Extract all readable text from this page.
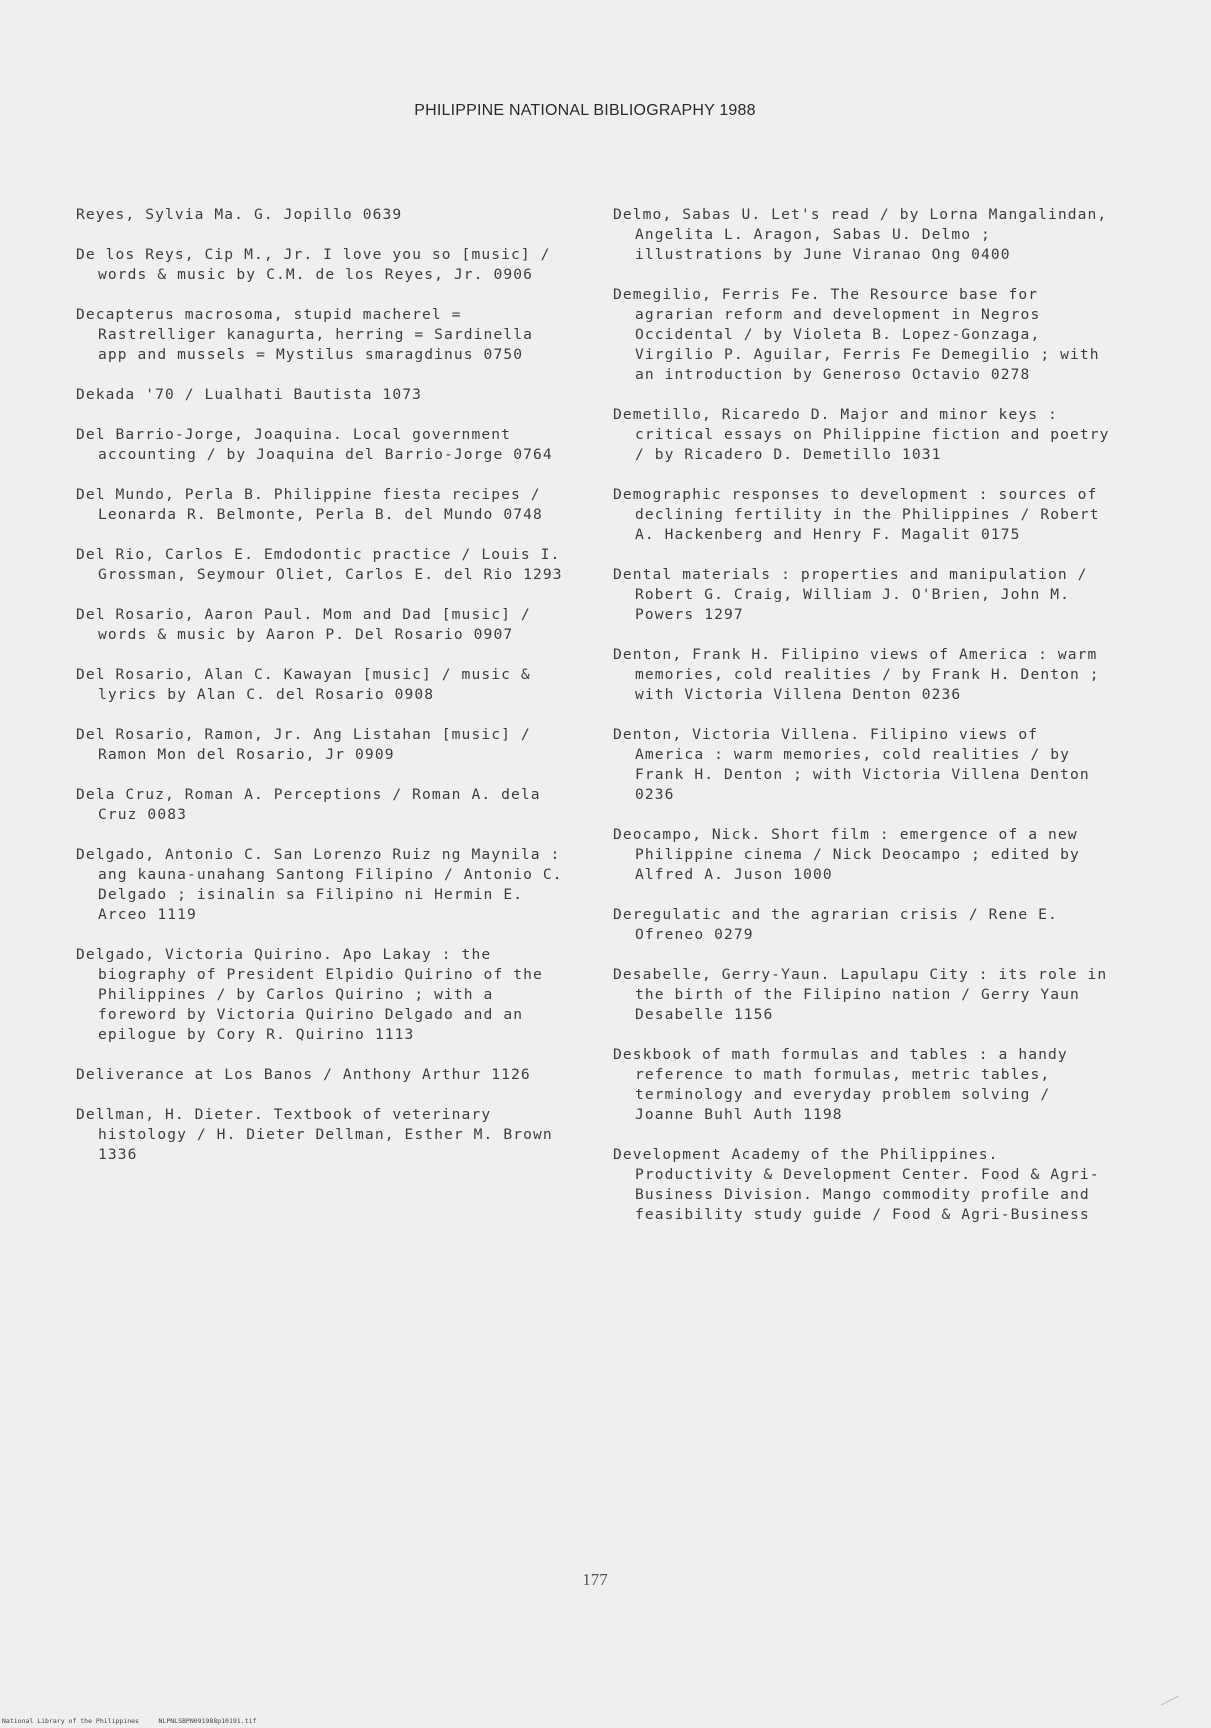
PHILIPPINE NATIONAL BIBLIOGRAPHY 1988

Reyes, Sylvia Ma. G. Jopillo 0639

De los Reys, Cip M., Jr. I love you so [music] / words & music by C.M. de los Reyes, Jr. 0906

Decapterus macrosoma, stupid macherel = Rastrelliger kanagurta, herring = Sardinella app and mussels = Mystilus smaragdinus 0750

Dekada '70 / Lualhati Bautista 1073

Del Barrio-Jorge, Joaquina. Local government accounting / by Joaquina del Barrio-Jorge 0764

Del Mundo, Perla B. Philippine fiesta recipes / Leonarda R. Belmonte, Perla B. del Mundo 0748

Del Rio, Carlos E. Emdodontic practice / Louis I. Grossman, Seymour Oliet, Carlos E. del Rio 1293

Del Rosario, Aaron Paul. Mom and Dad [music] / words & music by Aaron P. Del Rosario 0907

Del Rosario, Alan C. Kawayan [music] / music & lyrics by Alan C. del Rosario 0908

Del Rosario, Ramon, Jr. Ang Listahan [music] / Ramon Mon del Rosario, Jr 0909

Dela Cruz, Roman A. Perceptions / Roman A. dela Cruz 0083

Delgado, Antonio C. San Lorenzo Ruiz ng Maynila : ang kauna-unahang Santong Filipino / Antonio C. Delgado ; isinalin sa Filipino ni Hermin E. Arceo 1119

Delgado, Victoria Quirino. Apo Lakay : the biography of President Elpidio Quirino of the Philippines / by Carlos Quirino ; with a foreword by Victoria Quirino Delgado and an epilogue by Cory R. Quirino 1113

Deliverance at Los Banos / Anthony Arthur 1126

Dellman, H. Dieter. Textbook of veterinary histology / H. Dieter Dellman, Esther M. Brown 1336

Delmo, Sabas U. Let's read / by Lorna Mangalindan, Angelita L. Aragon, Sabas U. Delmo ; illustrations by June Viranao Ong 0400

Demegilio, Ferris Fe. The Resource base for agrarian reform and development in Negros Occidental / by Violeta B. Lopez-Gonzaga, Virgilio P. Aguilar, Ferris Fe Demegilio ; with an introduction by Generoso Octavio 0278

Demetillo, Ricaredo D. Major and minor keys : critical essays on Philippine fiction and poetry / by Ricadero D. Demetillo 1031

Demographic responses to development : sources of declining fertility in the Philippines / Robert A. Hackenberg and Henry F. Magalit 0175

Dental materials : properties and manipulation / Robert G. Craig, William J. O'Brien, John M. Powers 1297

Denton, Frank H. Filipino views of America : warm memories, cold realities / by Frank H. Denton ; with Victoria Villena Denton 0236

Denton, Victoria Villena. Filipino views of America : warm memories, cold realities / by Frank H. Denton ; with Victoria Villena Denton 0236

Deocampo, Nick. Short film : emergence of a new Philippine cinema / Nick Deocampo ; edited by Alfred A. Juson 1000

Deregulatic and the agrarian crisis / Rene E. Ofreneo 0279

Desabelle, Gerry-Yaun. Lapulapu City : its role in the birth of the Filipino nation / Gerry Yaun Desabelle 1156

Deskbook of math formulas and tables : a handy reference to math formulas, metric tables, terminology and everyday problem solving / Joanne Buhl Auth 1198

Development Academy of the Philippines. Productivity & Development Center. Food & Agri-Business Division. Mango commodity profile and feasibility study guide / Food & Agri-Business

177
National Library of the Philippines     NLPNLSBPN091988p10191.tif
